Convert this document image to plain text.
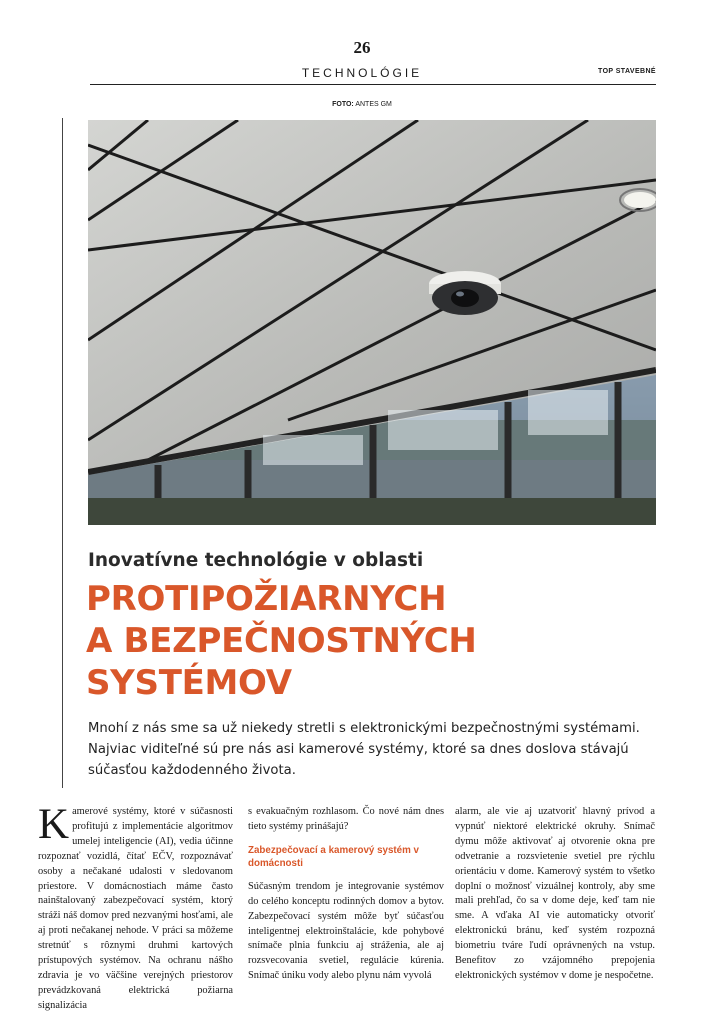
26
TECHNOLÓGIE	TOP STAVEBNÉ
FOTO: ANTES GM
Inovatívne technológie v oblasti
PROTIPOŽIARNYCH
A BEZPEČNOSTNÝCH
SYSTÉMOV
Mnohí z nás sme sa už niekedy stretli s elektronickými bezpečnostnými systémami. Najviac viditeľné sú pre nás asi kamerové systémy, ktoré sa dnes doslova stávajú súčasťou každodenného života.
K amerové systémy, ktoré v súčasnosti profitujú z implementácie algoritmov umelej inteligencie (AI), vedia účinne rozpoznať vozidlá, čítať EČV, rozpoznávať osoby a nečakané udalosti v sledovanom priestore. V domácnostiach máme často nainštalovaný zabezpečovací systém, ktorý stráži náš domov pred nezvanými hosťami, ale aj proti nečakanej nehode. V práci sa môžeme stretnúť s rôznymi druhmi kartových prístupových systémov. Na ochranu nášho zdravia je vo väčšine verejných priestorov prevádzkovaná elektrická požiarna signalizácia

s evakuačným rozhlasom. Čo nové nám dnes tieto systémy prinášajú?

Zabezpečovací a kamerový systém v domácnosti

Súčasným trendom je integrovanie systémov do celého konceptu rodinných domov a bytov. Zabezpečovací systém môže byť súčasťou inteligentnej elektroinštalácie, kde pohybové snímače plnia funkciu aj stráženia, ale aj rozsvecovania svetiel, regulácie kúrenia. Snímač úniku vody alebo plynu nám vyvolá

alarm, ale vie aj uzatvoriť hlavný prívod a vypnúť niektoré elektrické okruhy. Snímač dymu môže aktivovať aj otvorenie okna pre odvetranie a rozsvietenie svetiel pre rýchlu orientáciu v dome. Kamerový systém to všetko doplní o možnosť vizuálnej kontroly, aby sme mali prehľad, čo sa v dome deje, keď tam nie sme. A vďaka AI vie automaticky otvoriť elektronickú bránu, keď systém rozpozná biometriu tváre ľudí oprávnených na vstup. Benefitov zo vzájomného prepojenia elektronických systémov v dome je nespočetne.
